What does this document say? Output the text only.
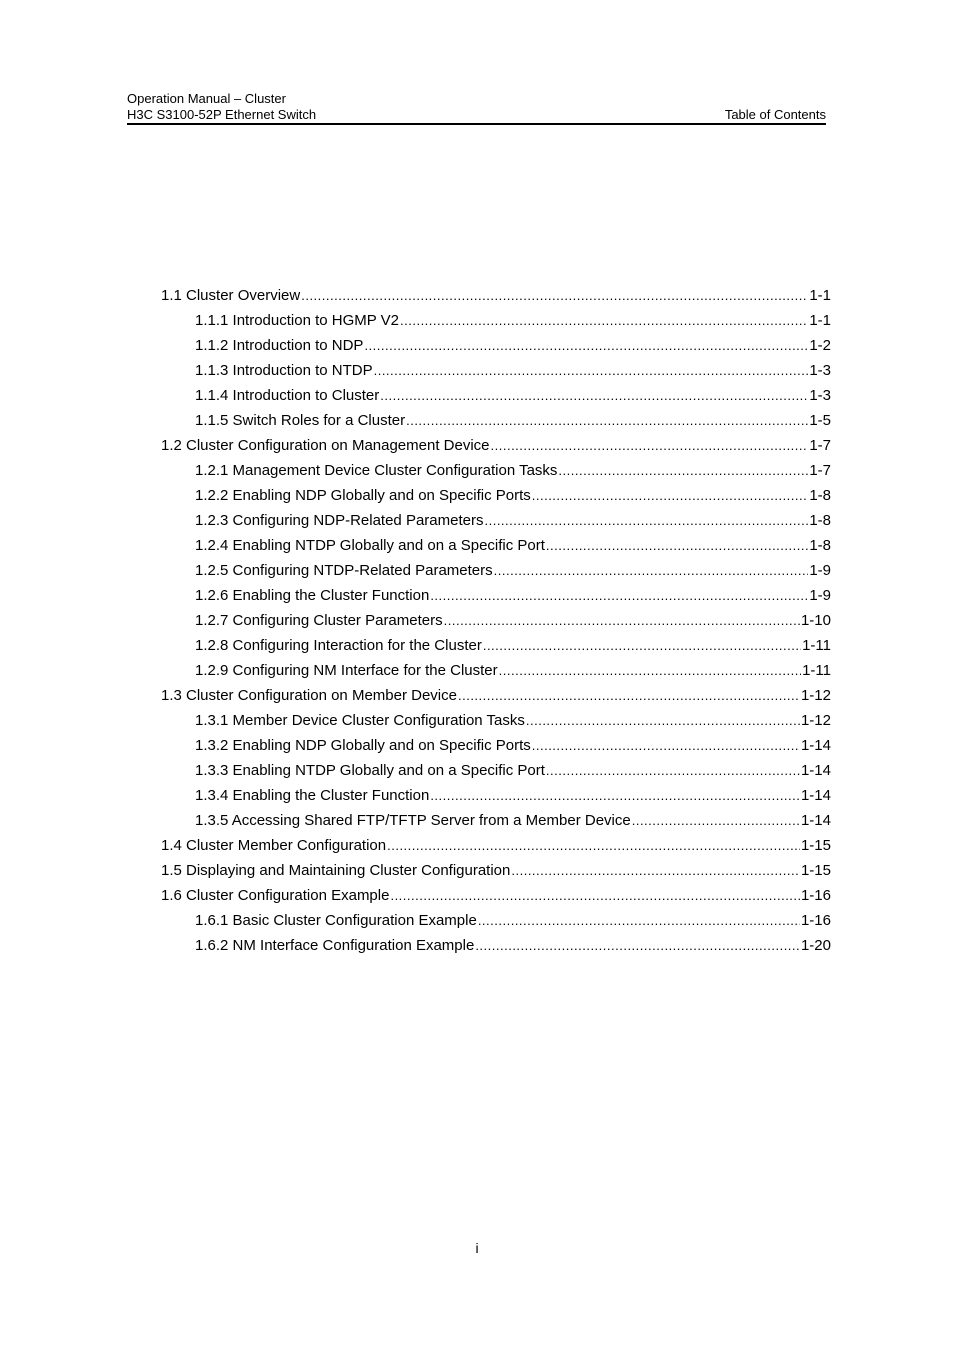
Operation Manual – Cluster
H3C S3100-52P Ethernet Switch	Table of Contents
1.1 Cluster Overview .....	1-1
1.1.1 Introduction to HGMP V2 .....	1-1
1.1.2 Introduction to NDP .....	1-2
1.1.3 Introduction to NTDP .....	1-3
1.1.4 Introduction to Cluster .....	1-3
1.1.5 Switch Roles for a Cluster .....	1-5
1.2 Cluster Configuration on Management Device .....	1-7
1.2.1 Management Device Cluster Configuration Tasks .....	1-7
1.2.2 Enabling NDP Globally and on Specific Ports .....	1-8
1.2.3 Configuring NDP-Related Parameters .....	1-8
1.2.4 Enabling NTDP Globally and on a Specific Port .....	1-8
1.2.5 Configuring NTDP-Related Parameters .....	1-9
1.2.6 Enabling the Cluster Function .....	1-9
1.2.7 Configuring Cluster Parameters .....	1-10
1.2.8 Configuring Interaction for the Cluster .....	1-11
1.2.9 Configuring NM Interface for the Cluster .....	1-11
1.3 Cluster Configuration on Member Device .....	1-12
1.3.1 Member Device Cluster Configuration Tasks .....	1-12
1.3.2 Enabling NDP Globally and on Specific Ports .....	1-14
1.3.3 Enabling NTDP Globally and on a Specific Port .....	1-14
1.3.4 Enabling the Cluster Function .....	1-14
1.3.5 Accessing Shared FTP/TFTP Server from a Member Device .....	1-14
1.4 Cluster Member Configuration .....	1-15
1.5 Displaying and Maintaining Cluster Configuration .....	1-15
1.6 Cluster Configuration Example .....	1-16
1.6.1 Basic Cluster Configuration Example .....	1-16
1.6.2 NM Interface Configuration Example .....	1-20
i
